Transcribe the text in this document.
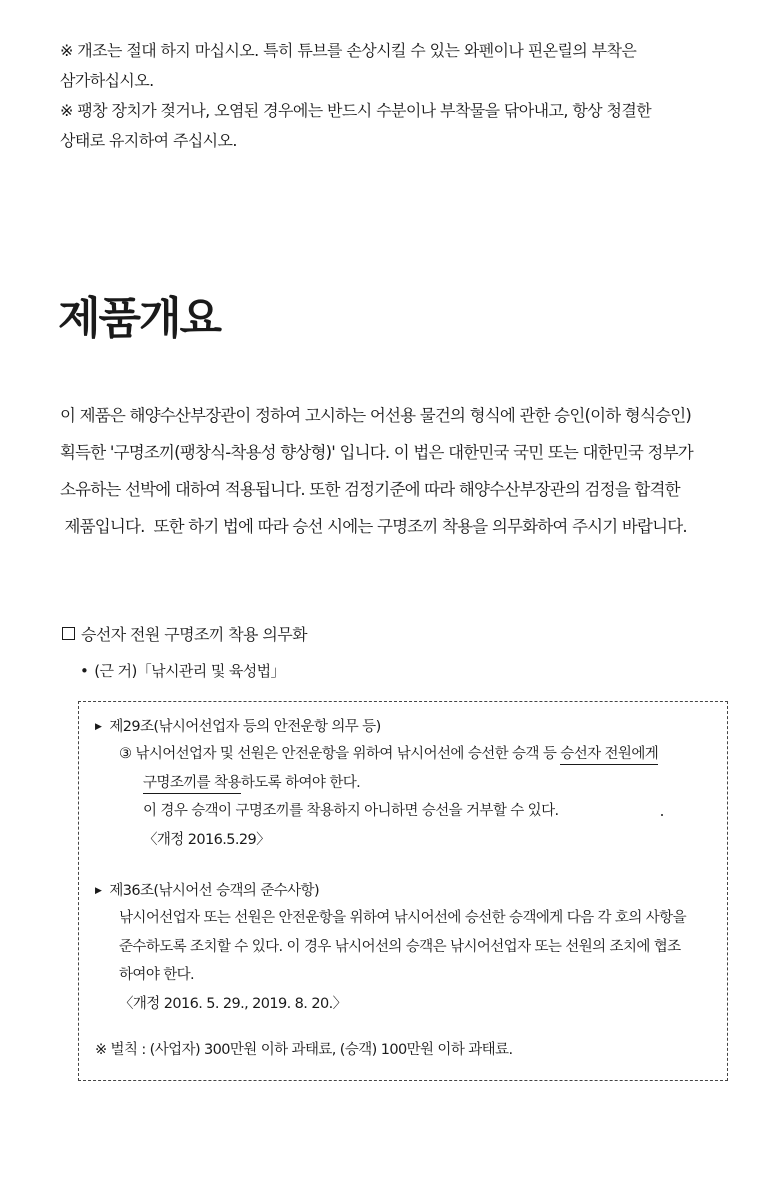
※ 개조는 절대 하지 마십시오. 특히 튜브를 손상시킬 수 있는 와펜이나 핀온릴의 부착은

삼가하십시오.

※ 팽창 장치가 젖거나, 오염된 경우에는 반드시 수분이나 부착물을 닦아내고, 항상 청결한

상태로 유지하여 주십시오.

제품개요

이 제품은 해양수산부장관이 정하여 고시하는 어선용 물건의 형식에 관한 승인(이하 형식승인)

획득한 '구명조끼(팽창식-착용성 향상형)' 입니다. 이 법은 대한민국 국민 또는 대한민국 정부가

소유하는 선박에 대하여 적용됩니다. 또한 검정기준에 따라 해양수산부장관의 검정을 합격한

제품입니다.  또한 하기 법에 따라 승선 시에는 구명조끼 착용을 의무화하여 주시기 바랍니다.

승선자 전원 구명조끼 착용 의무화
• (근 거)「낚시관리 및 육성법」
▶ 제29조(낚시어선업자 등의 안전운항 의무 등)

③ 낚시어선업자 및 선원은 안전운항을 위하여 낚시어선에 승선한 승객 등 승선자 전원에게

구명조끼를 착용하도록 하여야 한다.

이 경우 승객이 구명조끼를 착용하지 아니하면 승선을 거부할 수 있다.

〈개정 2016.5.29〉

▶ 제36조(낚시어선 승객의 준수사항)

낚시어선업자 또는 선원은 안전운항을 위하여 낚시어선에 승선한 승객에게 다음 각 호의 사항을

준수하도록 조치할 수 있다. 이 경우 낚시어선의 승객은 낚시어선업자 또는 선원의 조치에 협조

하여야 한다.

〈개정 2016. 5. 29., 2019. 8. 20.〉

※ 벌칙 : (사업자) 300만원 이하 과태료, (승객) 100만원 이하 과태료.
